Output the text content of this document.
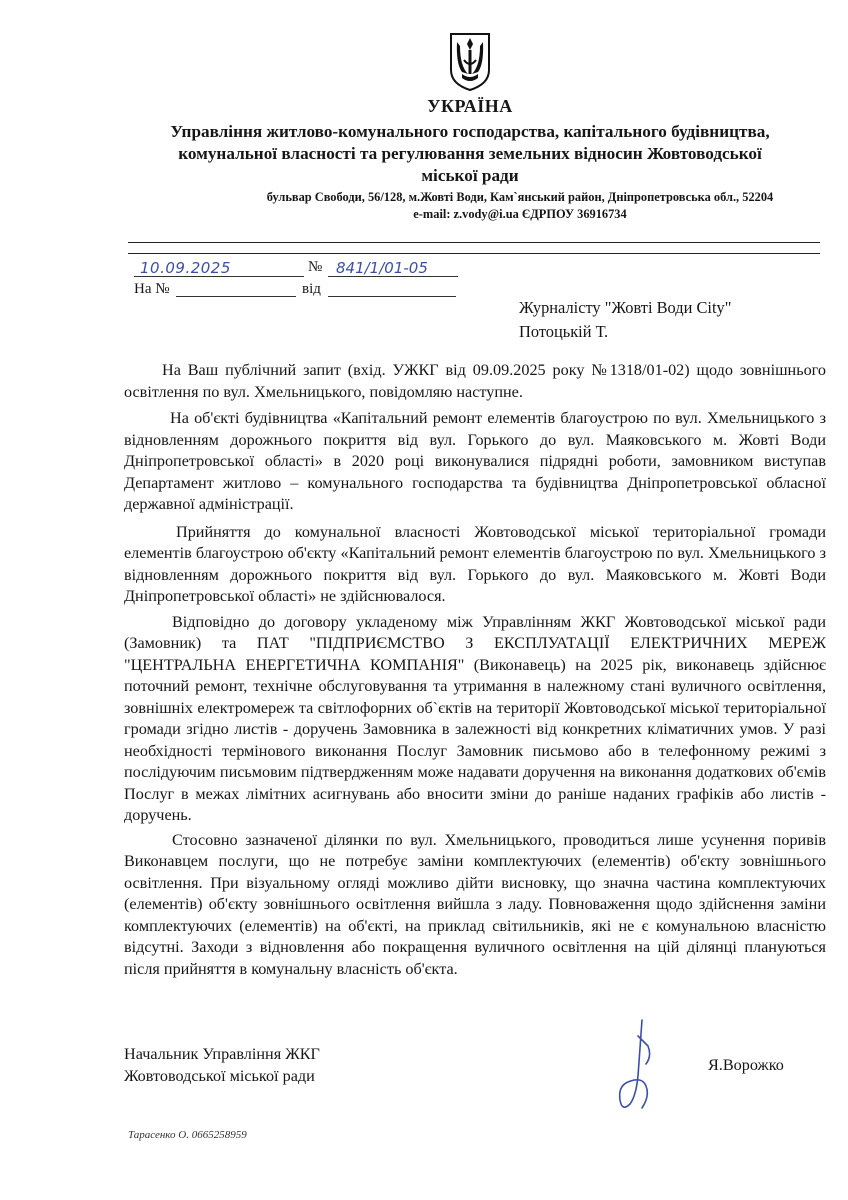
УКРАЇНА
Управління житлово-комунального господарства, капітального будівництва,
комунальної власності та регулювання земельних відносин Жовтоводської
міської ради
бульвар Свободи, 56/128, м.Жовті Води, Кам`янський район, Дніпропетровська обл., 52204
e-mail: z.vody@i.ua ЄДРПОУ 36916734
10.09.2025	№ 841/1/01-05
На №	від
Журналісту "Жовті Води City"
Потоцькій Т.

На Ваш публічний запит (вхід. УЖКГ від 09.09.2025 року №1318/01-02) щодо зовнішнього освітлення по вул. Хмельницького, повідомляю наступне.

На об'єкті будівництва «Капітальний ремонт елементів благоустрою по вул. Хмельницького з відновленням дорожнього покриття від вул. Горького до вул. Маяковського м. Жовті Води Дніпропетровської області» в 2020 році виконувалися підрядні роботи, замовником виступав Департамент житлово – комунального господарства та будівництва Дніпропетровської обласної державної адміністрації.

Прийняття до комунальної власності Жовтоводської міської територіальної громади елементів благоустрою об'єкту «Капітальний ремонт елементів благоустрою по вул. Хмельницького з відновленням дорожнього покриття від вул. Горького до вул. Маяковського м. Жовті Води Дніпропетровської області» не здійснювалося.

Відповідно до договору укладеному між Управлінням ЖКГ Жовтоводської міської ради (Замовник) та ПАТ "ПІДПРИЄМСТВО З ЕКСПЛУАТАЦІЇ ЕЛЕКТРИЧНИХ МЕРЕЖ "ЦЕНТРАЛЬНА ЕНЕРГЕТИЧНА КОМПАНІЯ" (Виконавець) на 2025 рік, виконавець здійснює поточний ремонт, технічне обслуговування та утримання в належному стані вуличного освітлення, зовнішніх електромереж та світлофорних об`єктів на території Жовтоводської міської територіальної громади згідно листів - доручень Замовника в залежності від конкретних кліматичних умов. У разі необхідності термінового виконання Послуг Замовник письмово або в телефонному режимі з послідуючим письмовим підтвердженням може надавати доручення на виконання додаткових об'ємів Послуг в межах лімітних асигнувань або вносити зміни до раніше наданих графіків або листів - доручень.

Стосовно зазначеної ділянки по вул. Хмельницького, проводиться лише усунення поривів Виконавцем послуги, що не потребує заміни комплектуючих (елементів) об'єкту зовнішнього освітлення. При візуальному огляді можливо дійти висновку, що значна частина комплектуючих (елементів) об'єкту зовнішнього освітлення вийшла з ладу. Повноваження щодо здійснення заміни комплектуючих (елементів) на об'єкті, на приклад світильників, які не є комунальною власністю відсутні. Заходи з відновлення або покращення вуличного освітлення на цій ділянці плануються після прийняття в комунальну власність об'єкта.

Начальник Управління ЖКГ
Жовтоводської міської ради
Я.Ворожко
Тарасенко О. 0665258959
